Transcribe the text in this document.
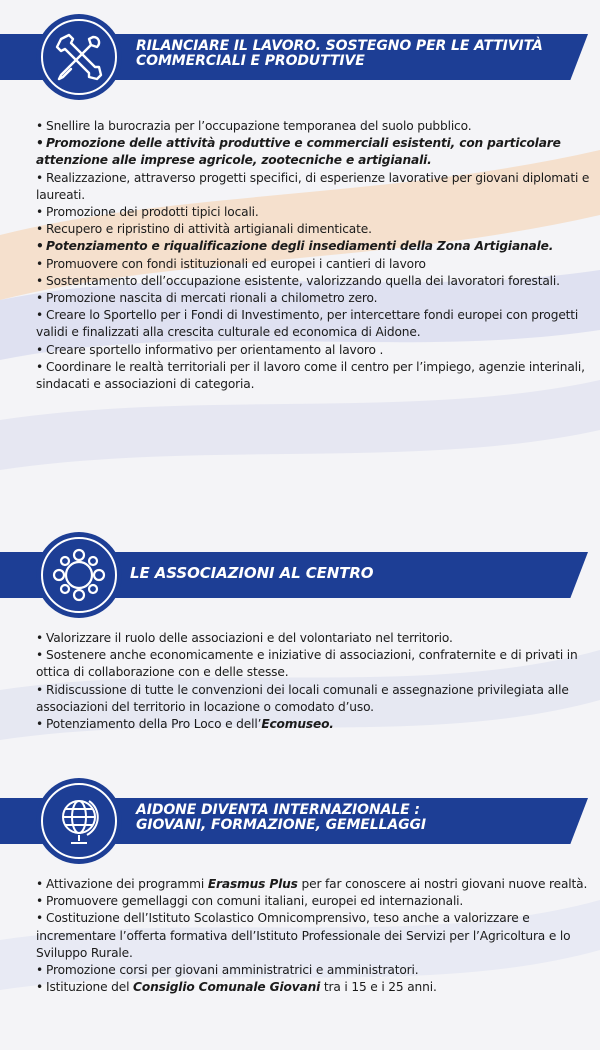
RILANCIARE IL LAVORO. SOSTEGNO PER LE ATTIVITÀ
COMMERCIALI E PRODUTTIVE
• Snellire la burocrazia per l’occupazione temporanea del suolo pubblico.
• Promozione delle attività produttive e commerciali esistenti, con particolare attenzione alle imprese agricole, zootecniche e artigianali.
• Realizzazione, attraverso progetti specifici, di esperienze lavorative per giovani diplomati e laureati.
• Promozione dei prodotti tipici locali.
• Recupero e ripristino di attività artigianali dimenticate.
• Potenziamento e riqualificazione degli insediamenti della Zona Artigianale.
• Promuovere con fondi istituzionali ed europei i cantieri di lavoro
• Sostentamento dell’occupazione esistente, valorizzando quella dei lavoratori forestali.
• Promozione nascita di mercati rionali a chilometro zero.
• Creare lo Sportello per i Fondi di Investimento, per intercettare fondi europei con progetti validi e finalizzati alla crescita culturale ed economica di Aidone.
• Creare sportello informativo per orientamento al lavoro .
• Coordinare le realtà territoriali per il lavoro come il centro per l’impiego, agenzie interinali, sindacati e associazioni di categoria.
LE ASSOCIAZIONI AL CENTRO
• Valorizzare il ruolo delle associazioni e del volontariato nel territorio.
• Sostenere anche economicamente e iniziative di associazioni, confraternite e di privati in ottica di collaborazione con e delle stesse.
• Ridiscussione di tutte le convenzioni dei locali comunali e assegnazione privilegiata alle associazioni del territorio in locazione o comodato d’uso.
• Potenziamento della Pro Loco e dell’Ecomuseo.
AIDONE DIVENTA INTERNAZIONALE :
GIOVANI, FORMAZIONE, GEMELLAGGI
• Attivazione dei programmi Erasmus Plus per far conoscere ai nostri giovani nuove realtà.
• Promuovere gemellaggi con comuni italiani, europei ed internazionali.
• Costituzione dell’Istituto Scolastico Omnicomprensivo, teso anche a valorizzare e incrementare l’offerta formativa dell’Istituto Professionale dei Servizi per l’Agricoltura e lo Sviluppo Rurale.
• Promozione corsi per giovani amministratrici e amministratori.
• Istituzione del Consiglio Comunale Giovani tra i 15 e i 25 anni.
